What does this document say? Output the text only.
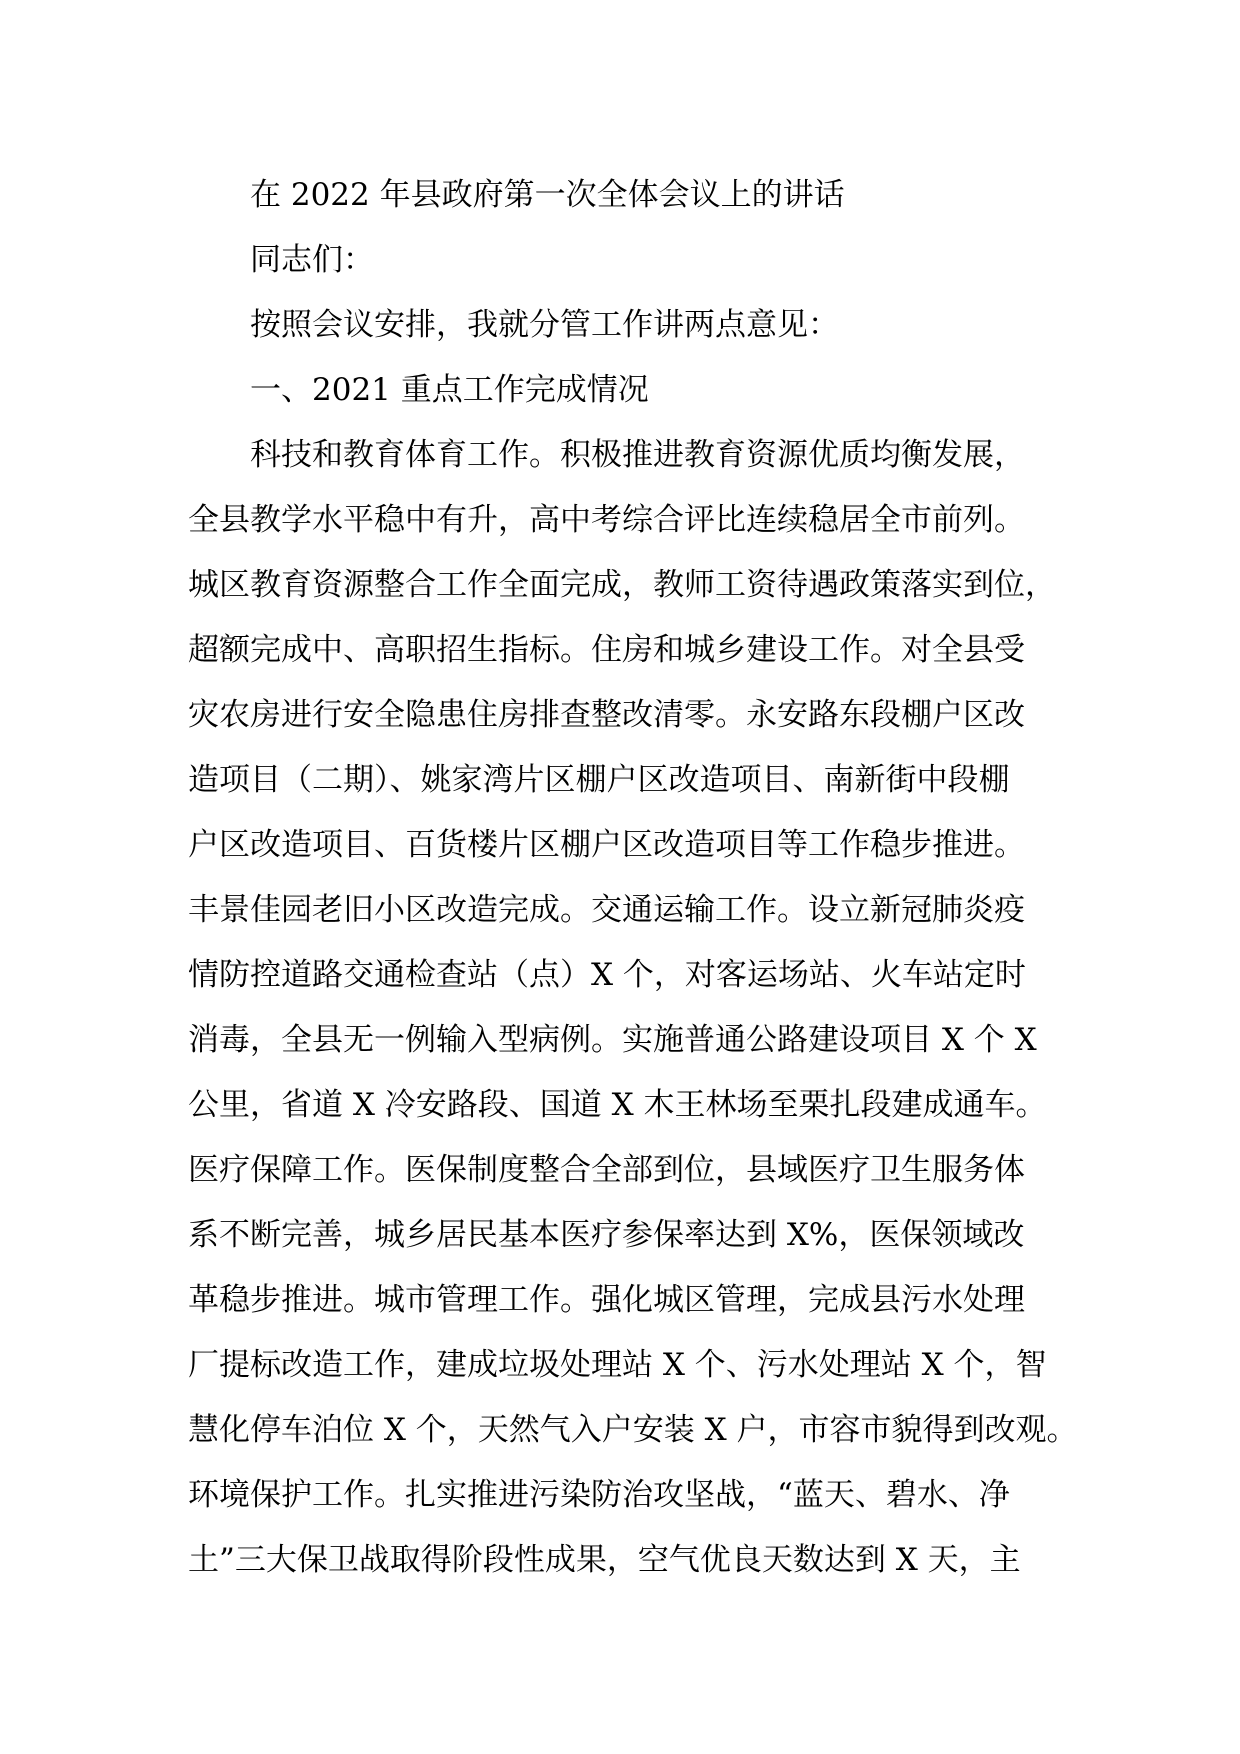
在 2022 年县政府第一次全体会议上的讲话
同志们：
按照会议安排，我就分管工作讲两点意见：
一、2021 重点工作完成情况
科技和教育体育工作。积极推进教育资源优质均衡发展，
全县教学水平稳中有升，高中考综合评比连续稳居全市前列。
城区教育资源整合工作全面完成，教师工资待遇政策落实到位，
超额完成中、高职招生指标。住房和城乡建设工作。对全县受
灾农房进行安全隐患住房排查整改清零。永安路东段棚户区改
造项目（二期）、姚家湾片区棚户区改造项目、南新街中段棚
户区改造项目、百货楼片区棚户区改造项目等工作稳步推进。
丰景佳园老旧小区改造完成。交通运输工作。设立新冠肺炎疫
情防控道路交通检查站（点）X 个，对客运场站、火车站定时
消毒，全县无一例输入型病例。实施普通公路建设项目 X 个 X
公里，省道 X 冷安路段、国道 X 木王林场至栗扎段建成通车。
医疗保障工作。医保制度整合全部到位，县域医疗卫生服务体
系不断完善，城乡居民基本医疗参保率达到 X%，医保领域改
革稳步推进。城市管理工作。强化城区管理，完成县污水处理
厂提标改造工作，建成垃圾处理站 X 个、污水处理站 X 个，智
慧化停车泊位 X 个，天然气入户安装 X 户，市容市貌得到改观。
环境保护工作。扎实推进污染防治攻坚战，“蓝天、碧水、净
土”三大保卫战取得阶段性成果，空气优良天数达到 X 天，主
